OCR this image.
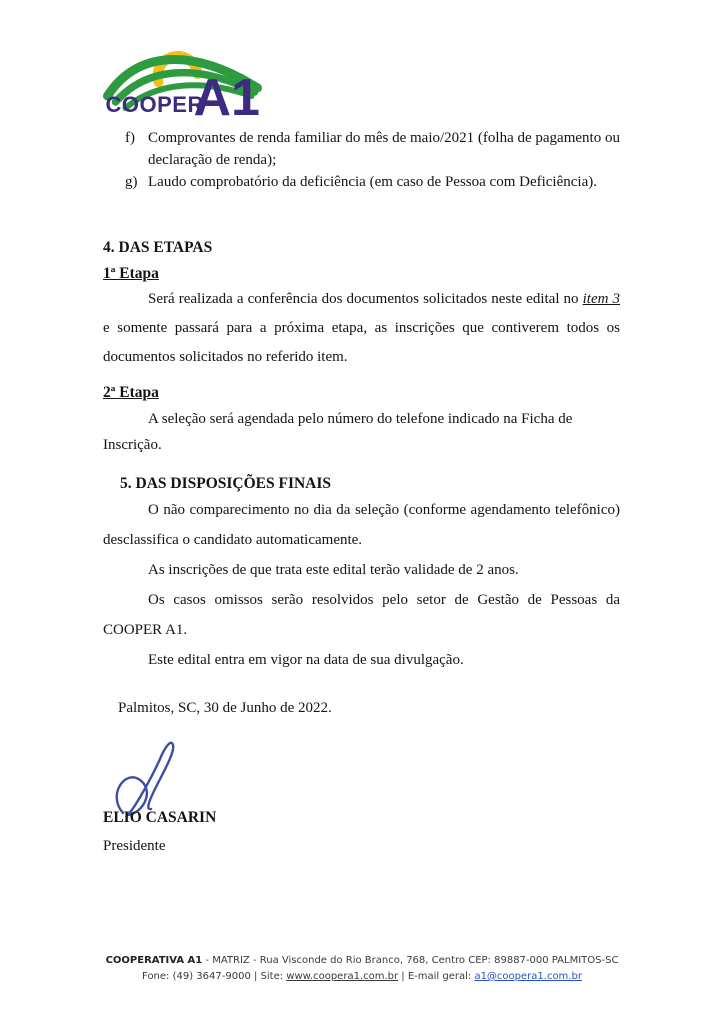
COOPER
A1
f) Comprovantes de renda familiar do mês de maio/2021 (folha de pagamento ou declaração de renda);
g) Laudo comprobatório da deficiência (em caso de Pessoa com Deficiência).

4. DAS ETAPAS

1ª Etapa

Será realizada a conferência dos documentos solicitados neste edital no item 3 e somente passará para a próxima etapa, as inscrições que contiverem todos os documentos solicitados no referido item.

2ª Etapa

A seleção será agendada pelo número do telefone indicado na Ficha de Inscrição.

5. DAS DISPOSIÇÕES FINAIS

O não comparecimento no dia da seleção (conforme agendamento telefônico) desclassifica o candidato automaticamente.

As inscrições de que trata este edital terão validade de 2 anos.

Os casos omissos serão resolvidos pelo setor de Gestão de Pessoas da COOPER A1.

Este edital entra em vigor na data de sua divulgação.

Palmitos, SC, 30 de Junho de 2022.

ELIO CASARIN

Presidente

COOPERATIVA A1 - MATRIZ - Rua Visconde do Rio Branco, 768, Centro CEP: 89887-000 PALMITOS-SC
Fone: (49) 3647-9000 | Site: www.coopera1.com.br | E-mail geral: a1@coopera1.com.br
